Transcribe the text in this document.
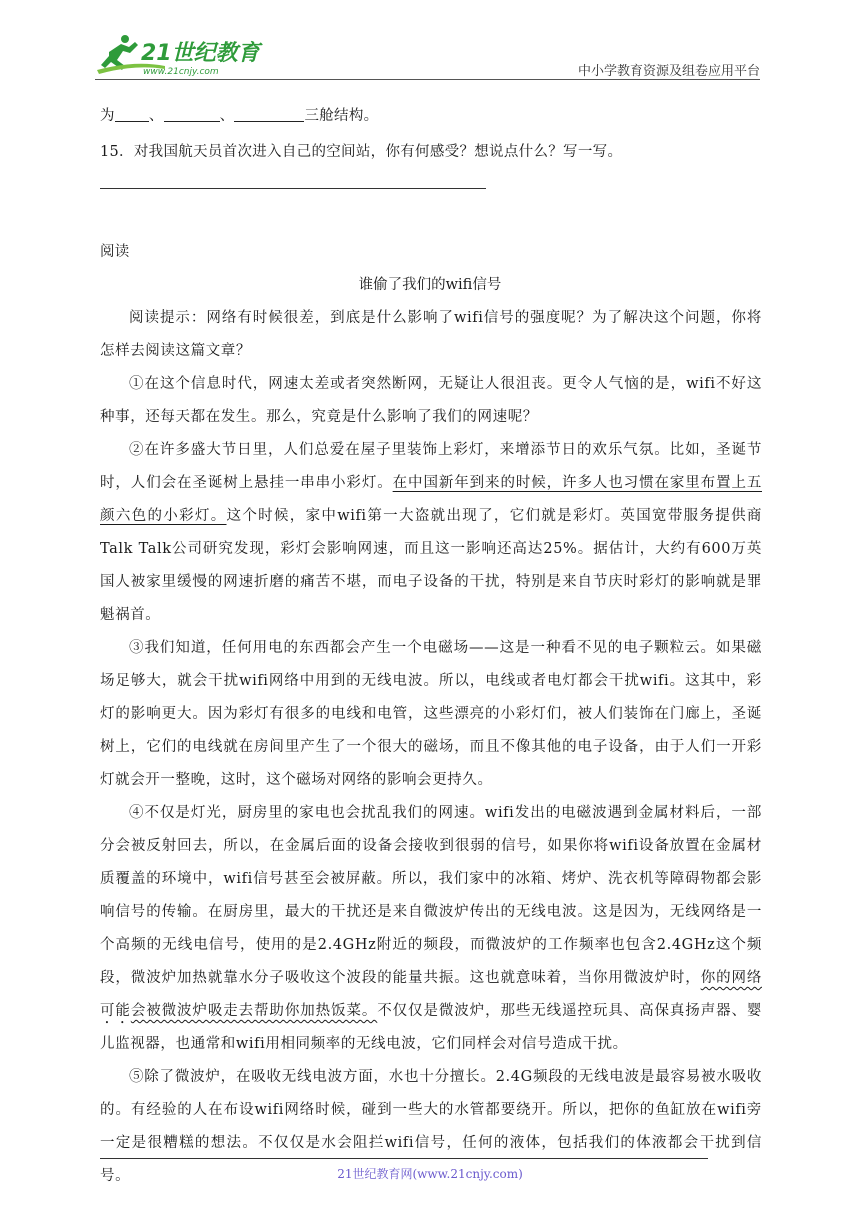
21世纪教育
www.21cnjy.com	中小学教育资源及组卷应用平台
为 、	、	三舱结构。
15．对我国航天员首次进入自己的空间站，你有何感受？想说点什么？写一写。
阅读
谁偷了我们的wifi信号

阅读提示：网络有时候很差，到底是什么影响了wifi信号的强度呢？为了解决这个问题，你将怎样去阅读这篇文章？

①在这个信息时代，网速太差或者突然断网，无疑让人很沮丧。更令人气恼的是，wifi不好这种事，还每天都在发生。那么，究竟是什么影响了我们的网速呢？

②在许多盛大节日里，人们总爱在屋子里装饰上彩灯，来增添节日的欢乐气氛。比如，圣诞节时，人们会在圣诞树上悬挂一串串小彩灯。在中国新年到来的时候，许多人也习惯在家里布置上五颜六色的小彩灯。这个时候，家中wifi第一大盗就出现了，它们就是彩灯。英国宽带服务提供商Talk Talk公司研究发现，彩灯会影响网速，而且这一影响还高达25%。据估计，大约有600万英国人被家里缓慢的网速折磨的痛苦不堪，而电子设备的干扰，特别是来自节庆时彩灯的影响就是罪魁祸首。

③我们知道，任何用电的东西都会产生一个电磁场——这是一种看不见的电子颗粒云。如果磁场足够大，就会干扰wifi网络中用到的无线电波。所以，电线或者电灯都会干扰wifi。这其中，彩灯的影响更大。因为彩灯有很多的电线和电管，这些漂亮的小彩灯们，被人们装饰在门廊上，圣诞树上，它们的电线就在房间里产生了一个很大的磁场，而且不像其他的电子设备，由于人们一开彩灯就会开一整晚，这时，这个磁场对网络的影响会更持久。

④不仅是灯光，厨房里的家电也会扰乱我们的网速。wifi发出的电磁波遇到金属材料后，一部分会被反射回去，所以，在金属后面的设备会接收到很弱的信号，如果你将wifi设备放置在金属材质覆盖的环境中，wifi信号甚至会被屏蔽。所以，我们家中的冰箱、烤炉、洗衣机等障碍物都会影响信号的传输。在厨房里，最大的干扰还是来自微波炉传出的无线电波。这是因为，无线网络是一个高频的无线电信号，使用的是2.4GHz附近的频段，而微波炉的工作频率也包含2.4GHz这个频段，微波炉加热就靠水分子吸收这个波段的能量共振。这也就意味着，当你用微波炉时，你的网络可能会被微波炉吸走去帮助你加热饭菜。不仅仅是微波炉，那些无线遥控玩具、高保真扬声器、婴儿监视器，也通常和wifi用相同频率的无线电波，它们同样会对信号造成干扰。

⑤除了微波炉，在吸收无线电波方面，水也十分擅长。2.4G频段的无线电波是最容易被水吸收的。有经验的人在布设wifi网络时候，碰到一些大的水管都要绕开。所以，把你的鱼缸放在wifi旁一定是很糟糕的想法。不仅仅是水会阻拦wifi信号，任何的液体，包括我们的体液都会干扰到信号。	21世纪教育网(www.21cnjy.com)
